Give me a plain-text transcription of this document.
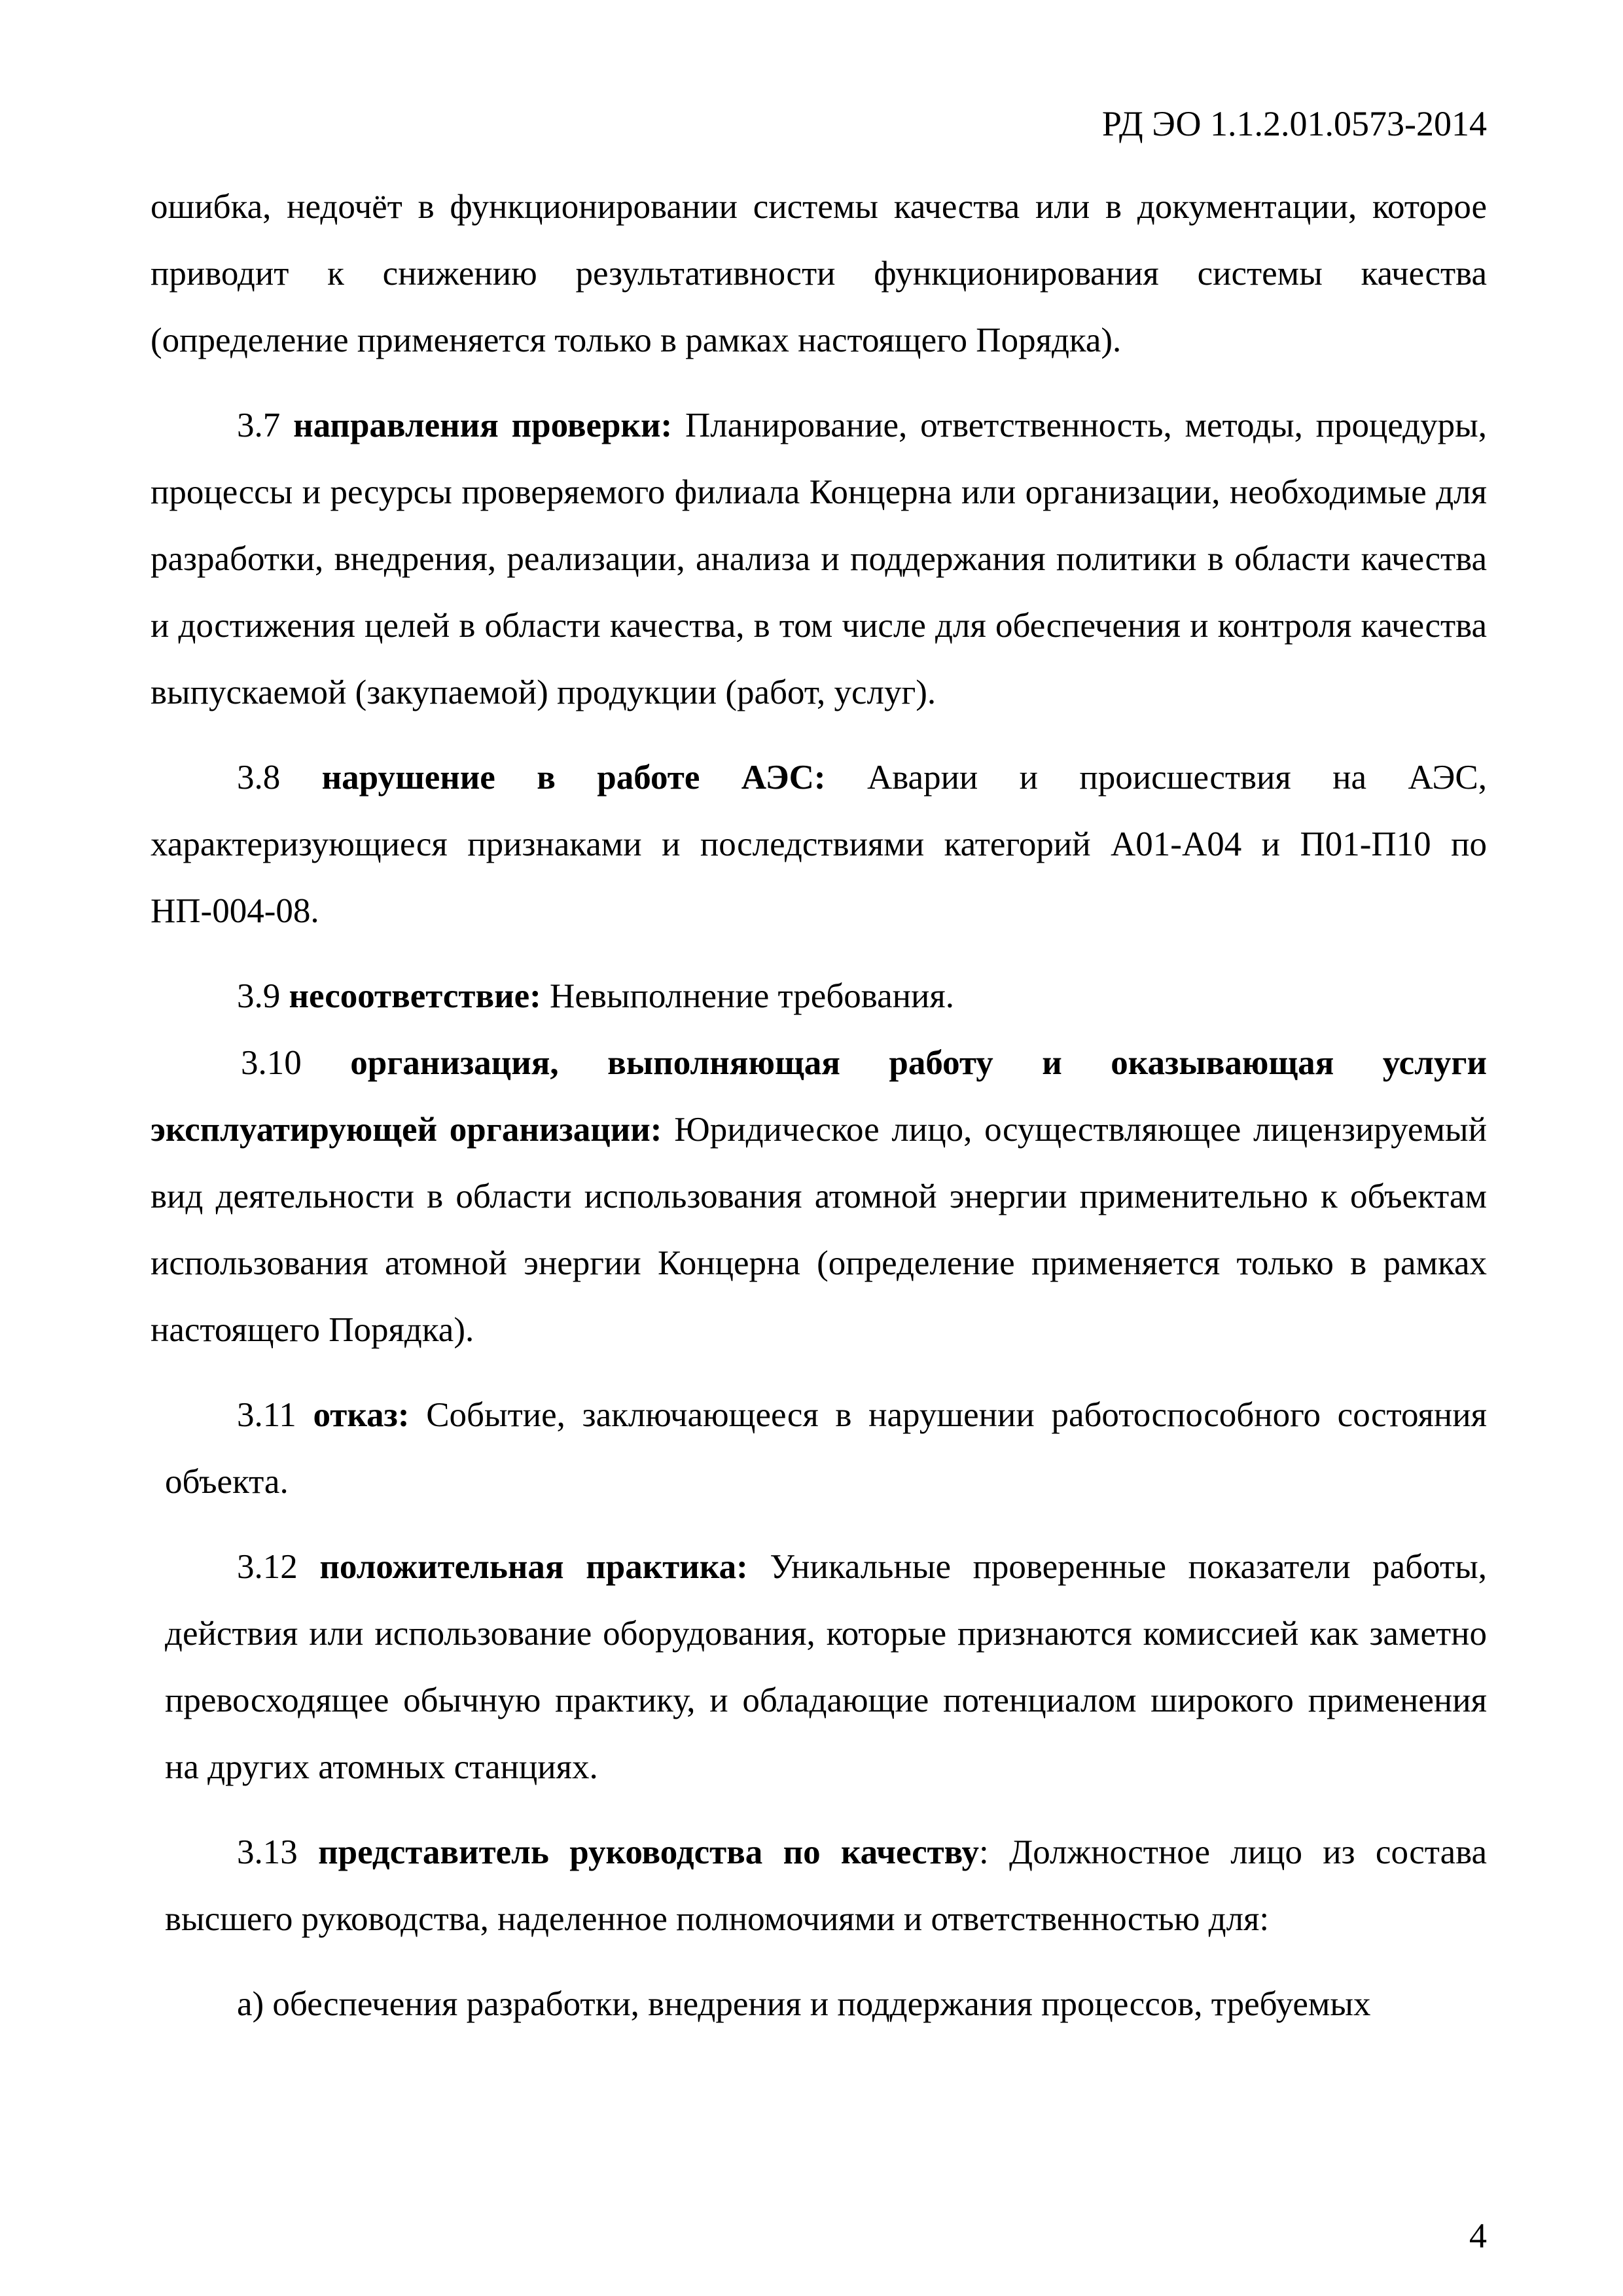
РД ЭО 1.1.2.01.0573-2014

ошибка, недочёт в функционировании системы качества или в документации, которое приводит к снижению результативности функционирования системы качества (определение применяется только в рамках настоящего Порядка).

3.7 направления проверки: Планирование, ответственность, методы, процедуры, процессы и ресурсы проверяемого филиала Концерна или организации, необходимые для разработки, внедрения, реализации, анализа и поддержания политики в области качества и достижения целей в области качества, в том числе для обеспечения и контроля качества выпускаемой (закупаемой) продукции (работ, услуг).

3.8 нарушение в работе АЭС: Аварии и происшествия на АЭС, характеризующиеся признаками и последствиями категорий А01-А04 и П01-П10 по НП-004-08.

3.9 несоответствие: Невыполнение требования.

3.10 организация, выполняющая работу и оказывающая услуги эксплуатирующей организации: Юридическое лицо, осуществляющее лицензируемый вид деятельности в области использования атомной энергии применительно к объектам использования атомной энергии Концерна (определение применяется только в рамках настоящего Порядка).

3.11 отказ: Событие, заключающееся в нарушении работоспособного состояния объекта.

3.12 положительная практика: Уникальные проверенные показатели работы, действия или использование оборудования, которые признаются комиссией как заметно превосходящее обычную практику, и обладающие потенциалом широкого применения на других атомных станциях.

3.13 представитель руководства по качеству: Должностное лицо из состава высшего руководства, наделенное полномочиями и ответственностью для:

а) обеспечения разработки, внедрения и поддержания процессов, требуемых

4
